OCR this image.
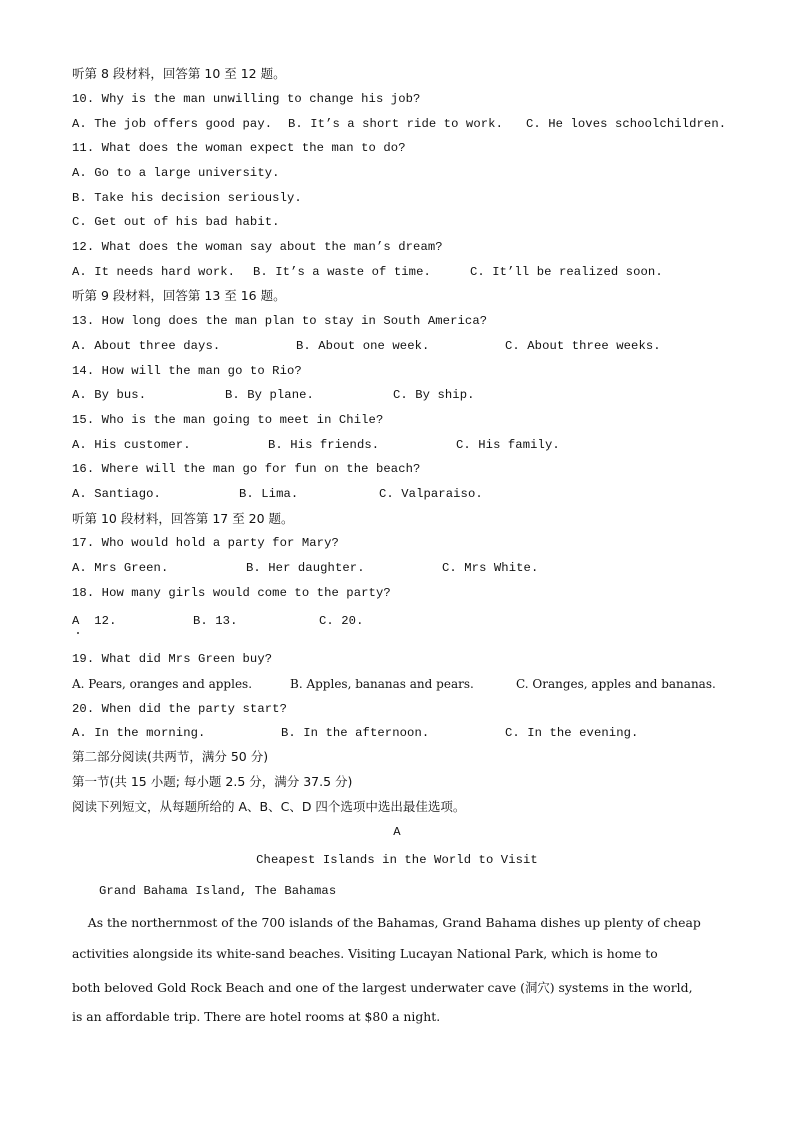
听第 8 段材料，回答第 10 至 12 题。
10. Why is the man unwilling to change his job?
A. The job offers good pay. B. It’s a short ride to work. C. He loves schoolchildren.
11. What does the woman expect the man to do?
A. Go to a large university.
B. Take his decision seriously.
C. Get out of his bad habit.
12. What does the woman say about the man’s dream?
A. It needs hard work. B. It’s a waste of time.	C. It’ll be realized soon.
听第 9 段材料，回答第 13 至 16 题。
13. How long does the man plan to stay in South America?
A. About three days.	B. About one week.	C. About three weeks.
14. How will the man go to Rio?
A. By bus.	B. By plane.	C. By ship.
15. Who is the man going to meet in Chile?
A. His customer.	B. His friends.	C. His family.
16. Where will the man go for fun on the beach?
A. Santiago.	B. Lima.	C. Valparaiso.
听第 10 段材料，回答第 17 至 20 题。
17. Who would hold a party for Mary?
A. Mrs Green.	B. Her daughter.	C. Mrs White.
18. How many girls would come to the party?
A  12.	B. 13.	C. 20.
19. What did Mrs Green buy?
A. Pears, oranges and apples.	B. Apples, bananas and pears.	C. Oranges, apples and bananas.
20. When did the party start?
A. In the morning.	B. In the afternoon.	C. In the evening.
第二部分阅读(共两节，满分 50 分)
第一节(共 15 小题; 每小题 2.5 分，满分 37.5 分)
阅读下列短文，从每题所给的 A、B、C、D 四个选项中选出最佳选项。
A
Cheapest Islands in the World to Visit
Grand Bahama Island, The Bahamas
As the northernmost of the 700 islands of the Bahamas, Grand Bahama dishes up plenty of cheap
activities alongside its white-sand beaches. Visiting Lucayan National Park, which is home to
both beloved Gold Rock Beach and one of the largest underwater cave (洞穴) systems in the world,
is an affordable trip. There are hotel rooms at $80 a night.
